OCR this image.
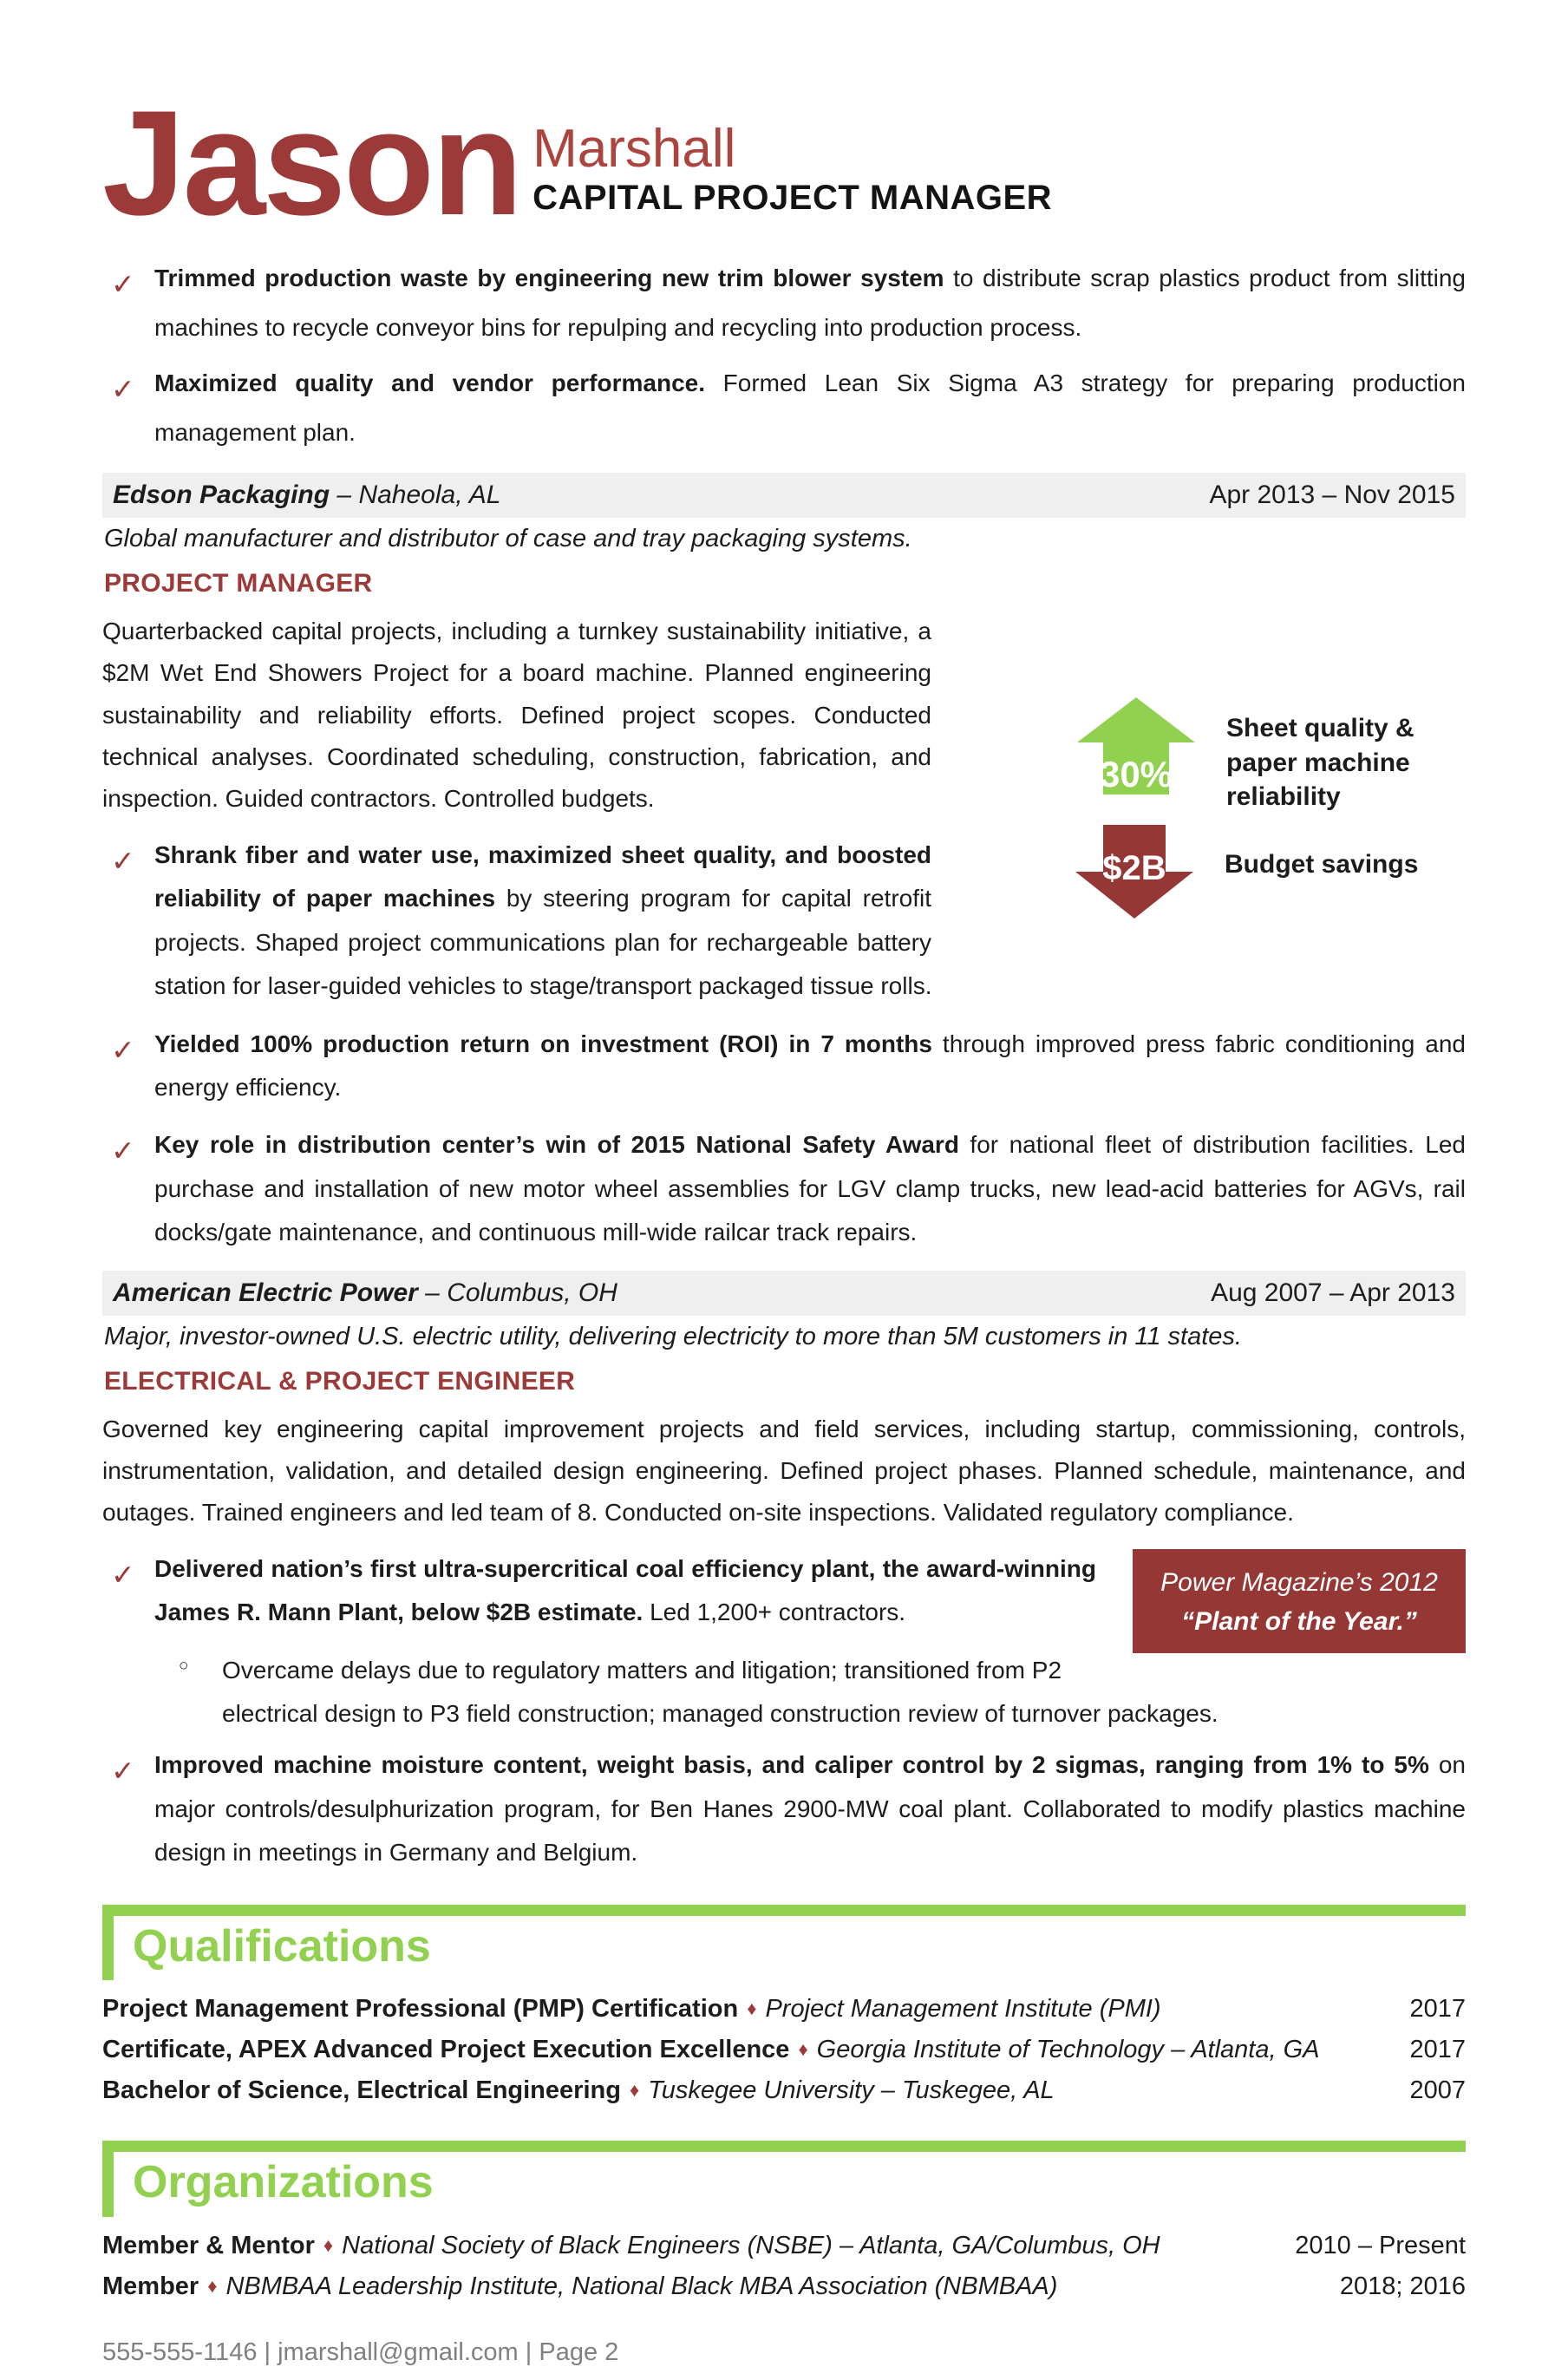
Jason Marshall
CAPITAL PROJECT MANAGER
✓ Trimmed production waste by engineering new trim blower system to distribute scrap plastics product from slitting machines to recycle conveyor bins for repulping and recycling into production process.
✓ Maximized quality and vendor performance. Formed Lean Six Sigma A3 strategy for preparing production management plan.
Edson Packaging – Naheola, AL	Apr 2013 – Nov 2015
Global manufacturer and distributor of case and tray packaging systems.
PROJECT MANAGER
30%
Sheet quality & paper machine reliability
$2B	Budget savings

Quarterbacked capital projects, including a turnkey sustainability initiative, a $2M Wet End Showers Project for a board machine. Planned engineering sustainability and reliability efforts. Defined project scopes. Conducted technical analyses. Coordinated scheduling, construction, fabrication, and inspection. Guided contractors. Controlled budgets.

✓ Shrank fiber and water use, maximized sheet quality, and boosted reliability of paper machines by steering program for capital retrofit projects. Shaped project communications plan for rechargeable battery station for laser-guided vehicles to stage/transport packaged tissue rolls.
✓ Yielded 100% production return on investment (ROI) in 7 months through improved press fabric conditioning and energy efficiency.
✓ Key role in distribution center’s win of 2015 National Safety Award for national fleet of distribution facilities. Led purchase and installation of new motor wheel assemblies for LGV clamp trucks, new lead-acid batteries for AGVs, rail docks/gate maintenance, and continuous mill-wide railcar track repairs.
American Electric Power – Columbus, OH	Aug 2007 – Apr 2013
Major, investor-owned U.S. electric utility, delivering electricity to more than 5M customers in 11 states.
ELECTRICAL & PROJECT ENGINEER

Governed key engineering capital improvement projects and field services, including startup, commissioning, controls, instrumentation, validation, and detailed design engineering. Defined project phases. Planned schedule, maintenance, and outages. Trained engineers and led team of 8. Conducted on-site inspections. Validated regulatory compliance.

Power Magazine’s 2012
“Plant of the Year.”
✓ Delivered nation’s first ultra-supercritical coal efficiency plant, the award-winning James R. Mann Plant, below $2B estimate. Led 1,200+ contractors.
○ Overcame delays due to regulatory matters and litigation; transitioned from P2 electrical design to P3 field construction; managed construction review of turnover packages.
✓ Improved machine moisture content, weight basis, and caliper control by 2 sigmas, ranging from 1% to 5% on major controls/desulphurization program, for Ben Hanes 2900-MW coal plant. Collaborated to modify plastics machine design in meetings in Germany and Belgium.
Qualifications
Project Management Professional (PMP) Certification ♦ Project Management Institute (PMI)	2017
Certificate, APEX Advanced Project Execution Excellence ♦ Georgia Institute of Technology – Atlanta, GA	2017
Bachelor of Science, Electrical Engineering ♦ Tuskegee University – Tuskegee, AL	2007
Organizations
Member & Mentor ♦ National Society of Black Engineers (NSBE) – Atlanta, GA/Columbus, OH	2010 – Present
Member ♦ NBMBAA Leadership Institute, National Black MBA Association (NBMBAA)	2018; 2016
555-555-1146 | jmarshall@gmail.com | Page 2
